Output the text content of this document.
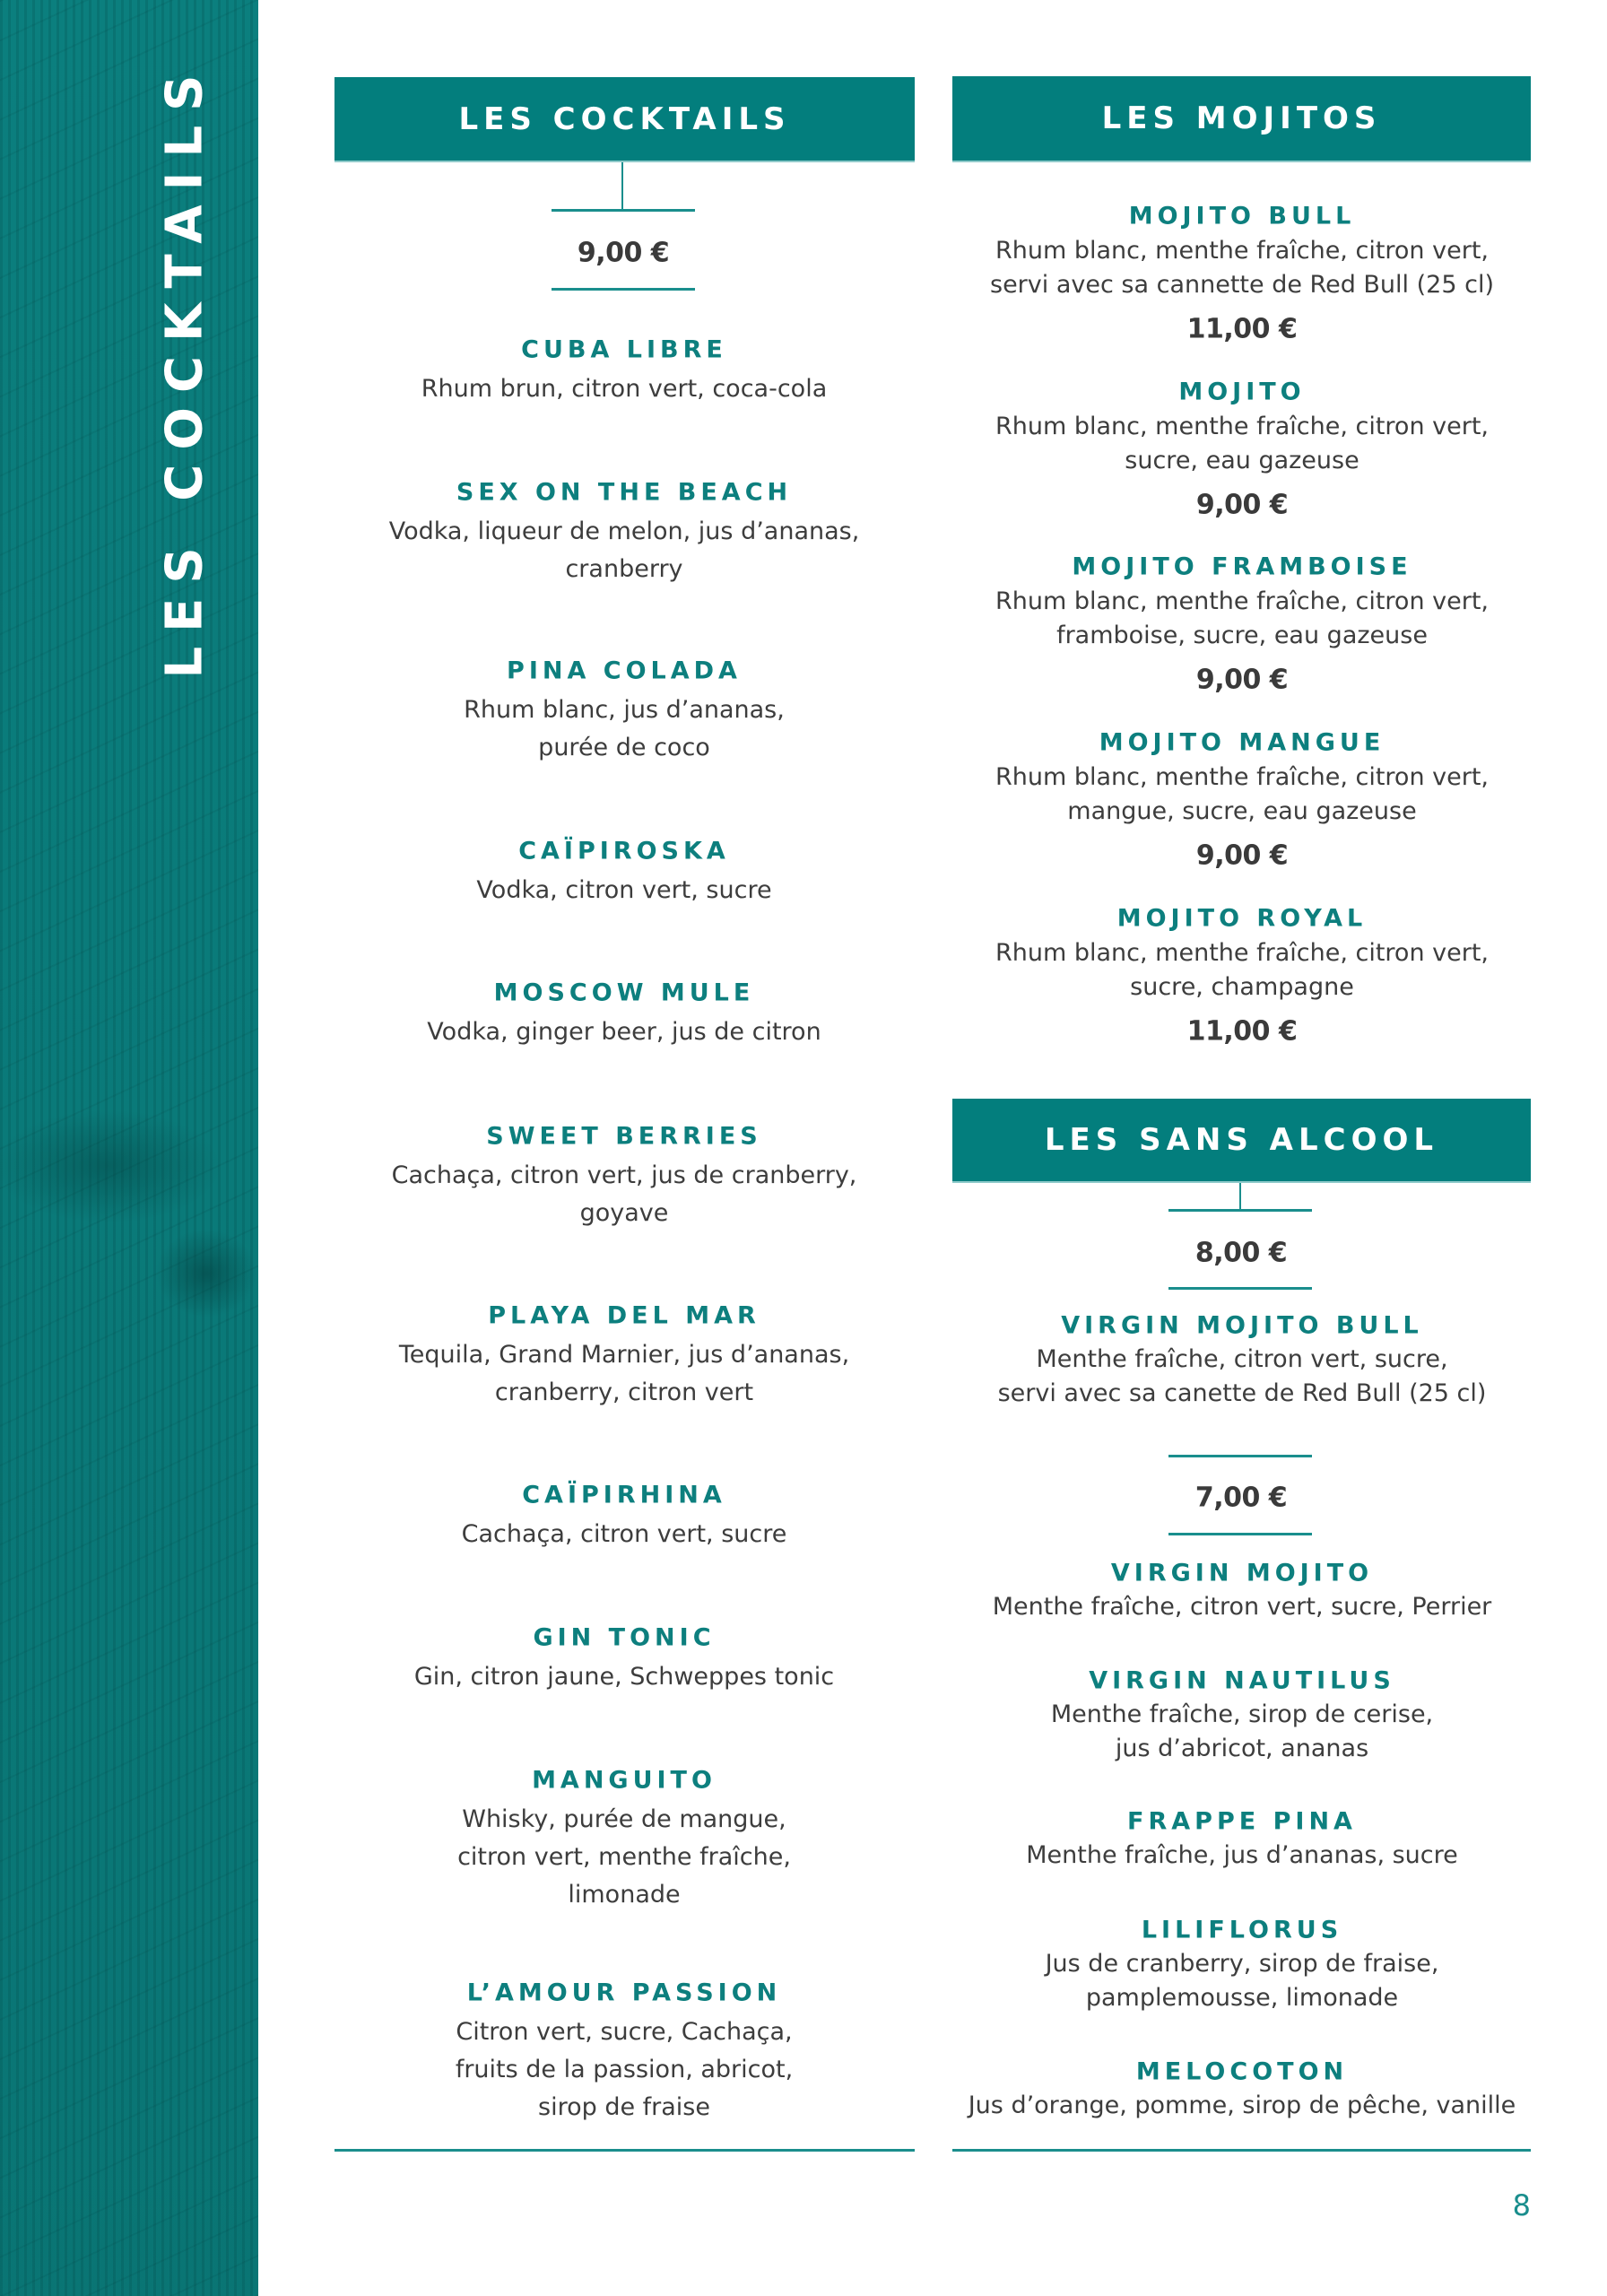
LES COCKTAILS	LES COCKTAILS
9,00 €
CUBA LIBRE
Rhum brun, citron vert, coca-cola
SEX ON THE BEACH
Vodka, liqueur de melon, jus d’ananas,
cranberry
PINA COLADA
Rhum blanc, jus d’ananas,
purée de coco
CAÏPIROSKA
Vodka, citron vert, sucre
MOSCOW MULE
Vodka, ginger beer, jus de citron
SWEET BERRIES
Cachaça, citron vert, jus de cranberry,
goyave
PLAYA DEL MAR
Tequila, Grand Marnier, jus d’ananas,
cranberry, citron vert
CAÏPIRHINA
Cachaça, citron vert, sucre
GIN TONIC
Gin, citron jaune, Schweppes tonic
MANGUITO
Whisky, purée de mangue,
citron vert, menthe fraîche,
limonade
L’AMOUR PASSION
Citron vert, sucre, Cachaça,
fruits de la passion, abricot,
sirop de fraise
LES MOJITOS
MOJITO BULL
Rhum blanc, menthe fraîche, citron vert,
servi avec sa cannette de Red Bull (25 cl)
11,00 €
MOJITO
Rhum blanc, menthe fraîche, citron vert,
sucre, eau gazeuse
9,00 €
MOJITO FRAMBOISE
Rhum blanc, menthe fraîche, citron vert,
framboise, sucre, eau gazeuse
9,00 €
MOJITO MANGUE
Rhum blanc, menthe fraîche, citron vert,
mangue, sucre, eau gazeuse
9,00 €
MOJITO ROYAL
Rhum blanc, menthe fraîche, citron vert,
sucre, champagne
11,00 €
LES SANS ALCOOL
8,00 €
7,00 €
VIRGIN MOJITO BULL
Menthe fraîche, citron vert, sucre,
servi avec sa canette de Red Bull (25 cl)
VIRGIN MOJITO
Menthe fraîche, citron vert, sucre, Perrier
VIRGIN NAUTILUS
Menthe fraîche, sirop de cerise,
jus d’abricot, ananas
FRAPPE PINA
Menthe fraîche, jus d’ananas, sucre
LILIFLORUS
Jus de cranberry, sirop de fraise,
pamplemousse, limonade
MELOCOTON
Jus d’orange, pomme, sirop de pêche, vanille
8
